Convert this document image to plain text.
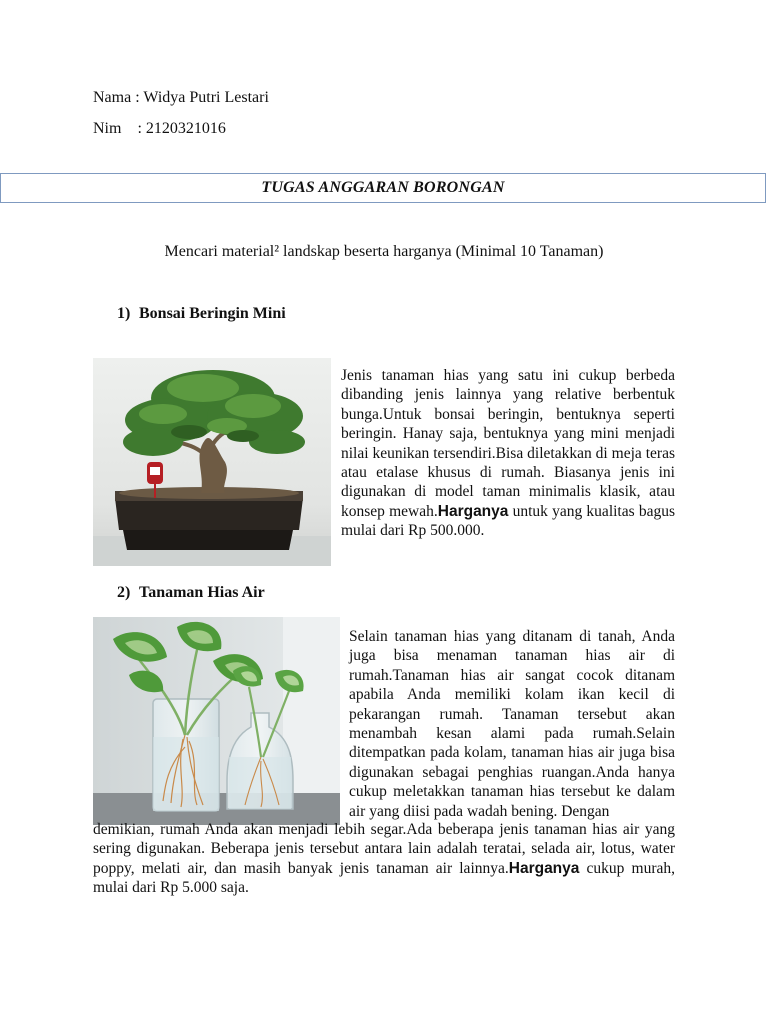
Nama : Widya Putri Lestari
Nim    : 2120321016
TUGAS ANGGARAN BORONGAN
Mencari material² landskap beserta harganya (Minimal 10 Tanaman)
1) Bonsai Beringin Mini
Jenis tanaman hias yang satu ini cukup berbeda dibanding jenis lainnya yang relative berbentuk bunga.Untuk bonsai beringin, bentuknya seperti beringin. Hanay saja, bentuknya yang mini menjadi nilai keunikan tersendiri.Bisa diletakkan di meja teras atau etalase khusus di rumah. Biasanya jenis ini digunakan di model taman minimalis klasik, atau konsep mewah.Harganya untuk yang kualitas bagus mulai dari Rp 500.000.
2) Tanaman Hias Air
Selain tanaman hias yang ditanam di tanah, Anda juga bisa menaman tanaman hias air di rumah.Tanaman hias air sangat cocok ditanam apabila Anda memiliki kolam ikan kecil di pekarangan rumah. Tanaman tersebut akan menambah kesan alami pada rumah.Selain ditempatkan pada kolam, tanaman hias air juga bisa digunakan sebagai penghias ruangan.Anda hanya cukup meletakkan tanaman hias tersebut ke dalam air yang diisi pada wadah bening. Dengan
demikian, rumah Anda akan menjadi lebih segar.Ada beberapa jenis tanaman hias air yang sering digunakan. Beberapa jenis tersebut antara lain adalah teratai, selada air, lotus, water poppy, melati air, dan masih banyak jenis tanaman air lainnya.Harganya cukup murah, mulai dari Rp 5.000 saja.
